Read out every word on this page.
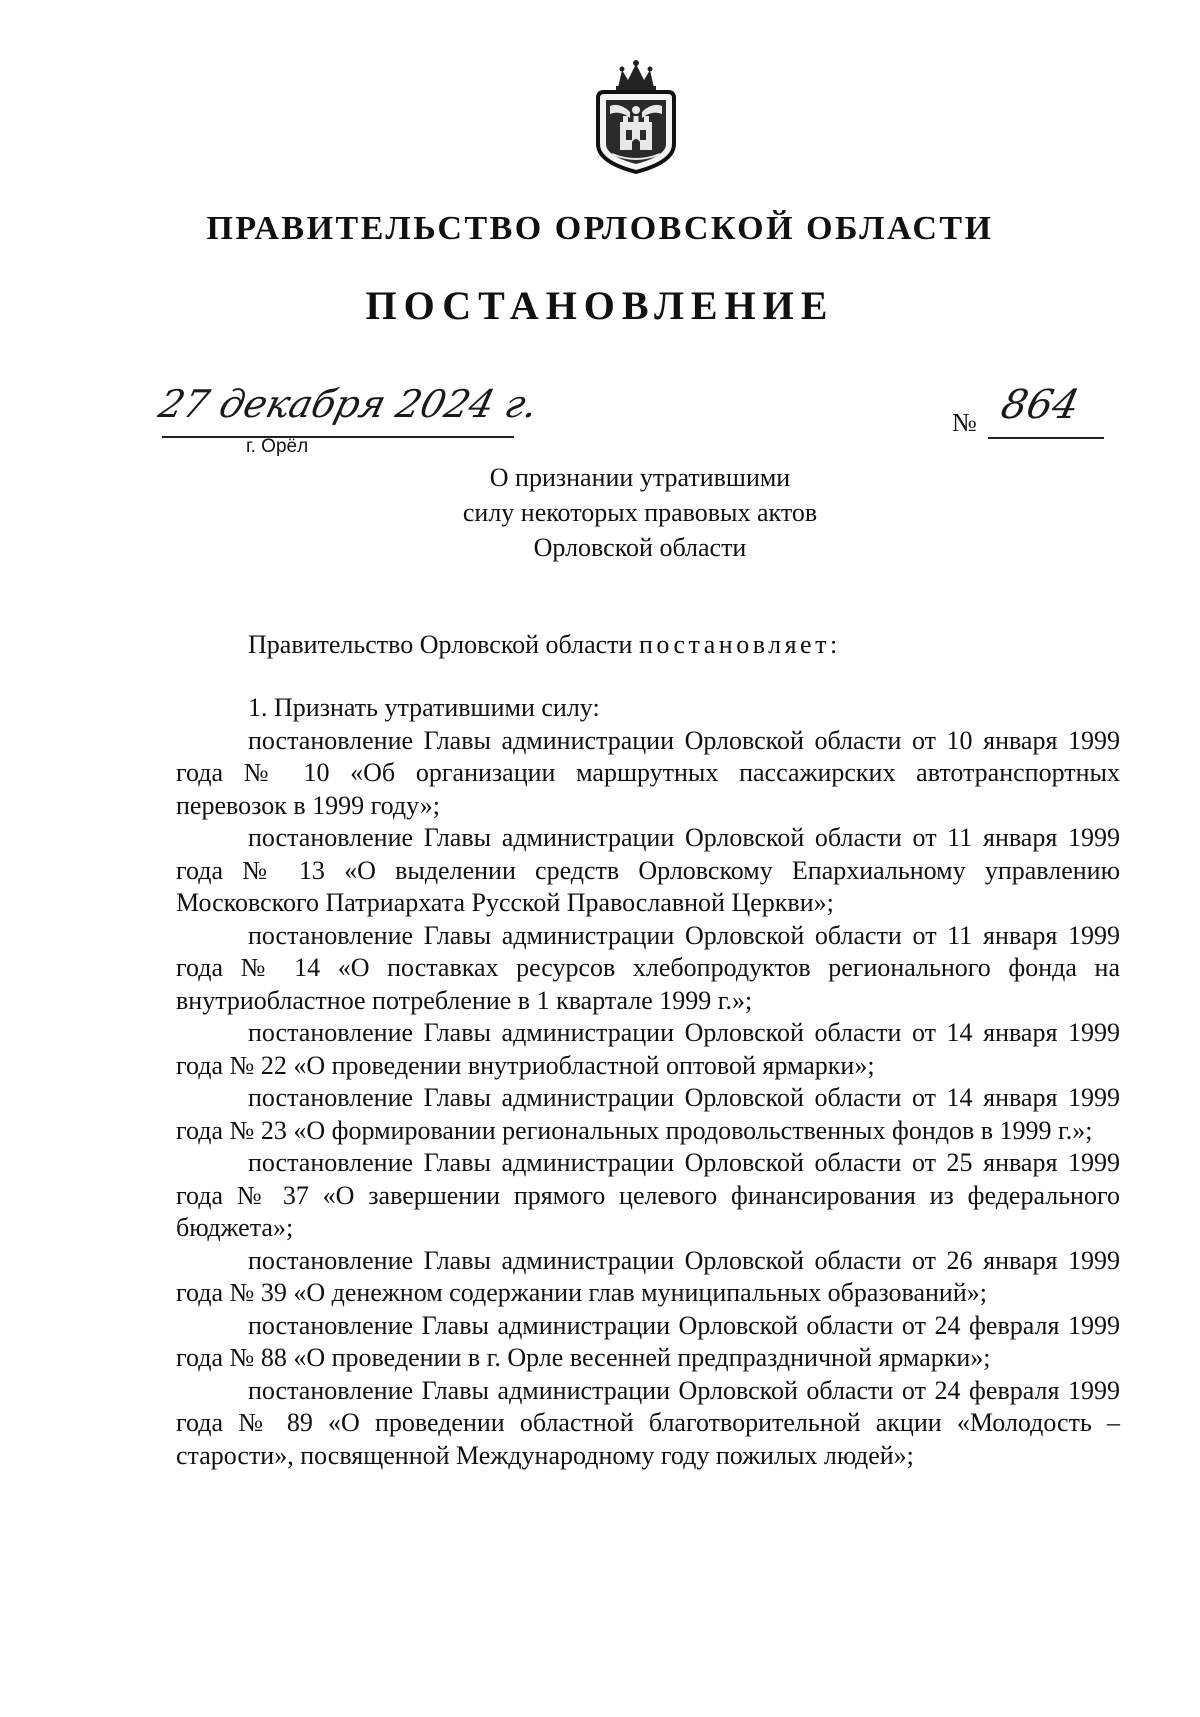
ПРАВИТЕЛЬСТВО ОРЛОВСКОЙ ОБЛАСТИ
ПОСТАНОВЛЕНИЕ
27 декабря 2024 г.
г. Орёл
№ 864
О признании утратившими
силу некоторых правовых актов
Орловской области
Правительство Орловской области постановляет:

1. Признать утратившими силу:

постановление Главы администрации Орловской области от 10 января 1999 года № 10 «Об организации маршрутных пассажирских автотранспортных перевозок в 1999 году»;

постановление Главы администрации Орловской области от 11 января 1999 года № 13 «О выделении средств Орловскому Епархиальному управлению Московского Патриархата Русской Православной Церкви»;

постановление Главы администрации Орловской области от 11 января 1999 года № 14 «О поставках ресурсов хлебопродуктов регионального фонда на внутриобластное потребление в 1 квартале 1999 г.»;

постановление Главы администрации Орловской области от 14 января 1999 года № 22 «О проведении внутриобластной оптовой ярмарки»;

постановление Главы администрации Орловской области от 14 января 1999 года № 23 «О формировании региональных продовольственных фондов в 1999 г.»;

постановление Главы администрации Орловской области от 25 января 1999 года № 37 «О завершении прямого целевого финансирования из федерального бюджета»;

постановление Главы администрации Орловской области от 26 января 1999 года № 39 «О денежном содержании глав муниципальных образований»;

постановление Главы администрации Орловской области от 24 февраля 1999 года № 88 «О проведении в г. Орле весенней предпраздничной ярмарки»;

постановление Главы администрации Орловской области от 24 февраля 1999 года № 89 «О проведении областной благотворительной акции «Молодость – старости», посвященной Международному году пожилых людей»;
